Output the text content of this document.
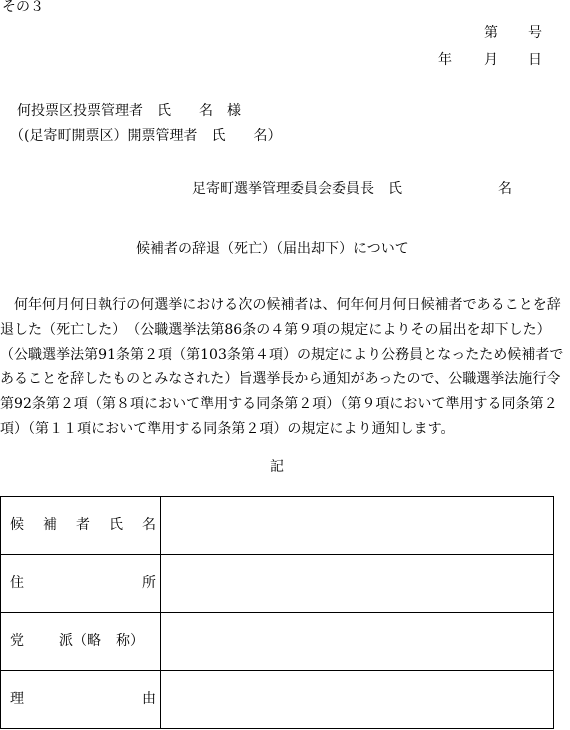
その３
第 号
年 月 日
何投票区投票管理者　氏　　名　様
（(足寄町開票区）開票管理者　氏　　名）
足寄町選挙管理委員会委員長　氏	名
候補者の辞退（死亡）（届出却下）について
何年何月何日執行の何選挙における次の候補者は、何年何月何日候補者であることを辞退した（死亡した）　（公職選挙法第86条の４第９項の規定によりその届出を却下した）（公職選挙法第91条第２項（第103条第４項）の規定により公務員となったため候補者であることを辞したものとみなされた）旨選挙長から通知があったので、公職選挙法施行令第92条第２項（第８項において準用する同条第２項）（第９項において準用する同条第２項）（第１１項において準用する同条第２項）の規定により通知します。
記
候 補 者 氏 名	

住 所	

党 派（略 称）	

理 由	
